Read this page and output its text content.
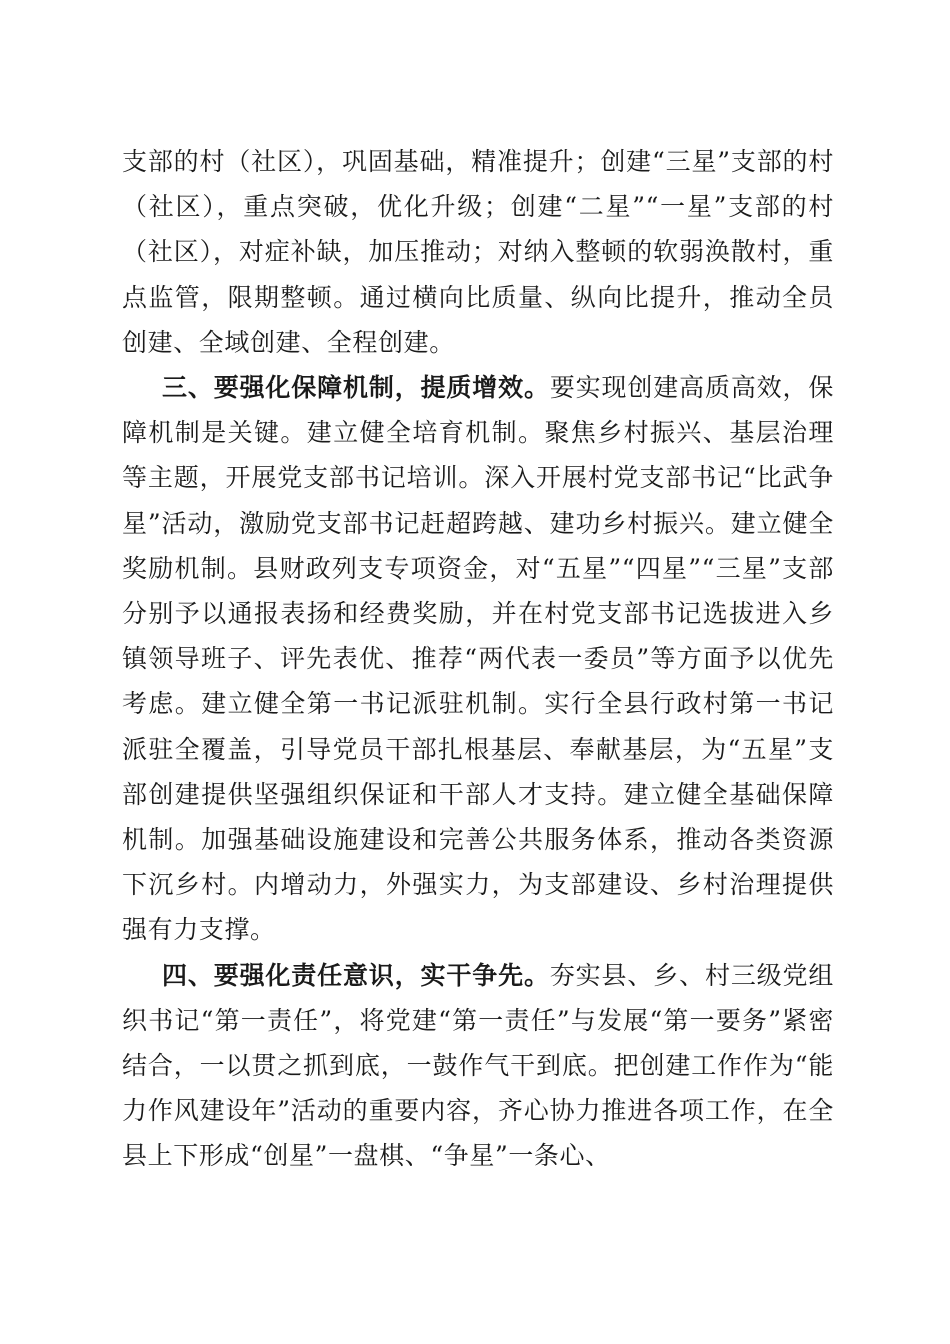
支部的村（社区），巩固基础，精准提升；创建“三星”支部的村（社区），重点突破，优化升级；创建“二星”“一星”支部的村（社区），对症补缺，加压推动；对纳入整顿的软弱涣散村，重点监管，限期整顿。通过横向比质量、纵向比提升，推动全员创建、全域创建、全程创建。

三、要强化保障机制，提质增效。要实现创建高质高效，保障机制是关键。建立健全培育机制。聚焦乡村振兴、基层治理等主题，开展党支部书记培训。深入开展村党支部书记“比武争星”活动，激励党支部书记赶超跨越、建功乡村振兴。建立健全奖励机制。县财政列支专项资金，对“五星”“四星”“三星”支部分别予以通报表扬和经费奖励，并在村党支部书记选拔进入乡镇领导班子、评先表优、推荐“两代表一委员”等方面予以优先考虑。建立健全第一书记派驻机制。实行全县行政村第一书记派驻全覆盖，引导党员干部扎根基层、奉献基层，为“五星”支部创建提供坚强组织保证和干部人才支持。建立健全基础保障机制。加强基础设施建设和完善公共服务体系，推动各类资源下沉乡村。内增动力，外强实力，为支部建设、乡村治理提供强有力支撑。

四、要强化责任意识，实干争先。夯实县、乡、村三级党组织书记“第一责任”，将党建“第一责任”与发展“第一要务”紧密结合，一以贯之抓到底，一鼓作气干到底。把创建工作作为“能力作风建设年”活动的重要内容，齐心协力推进各项工作，在全县上下形成“创星”一盘棋、“争星”一条心、
